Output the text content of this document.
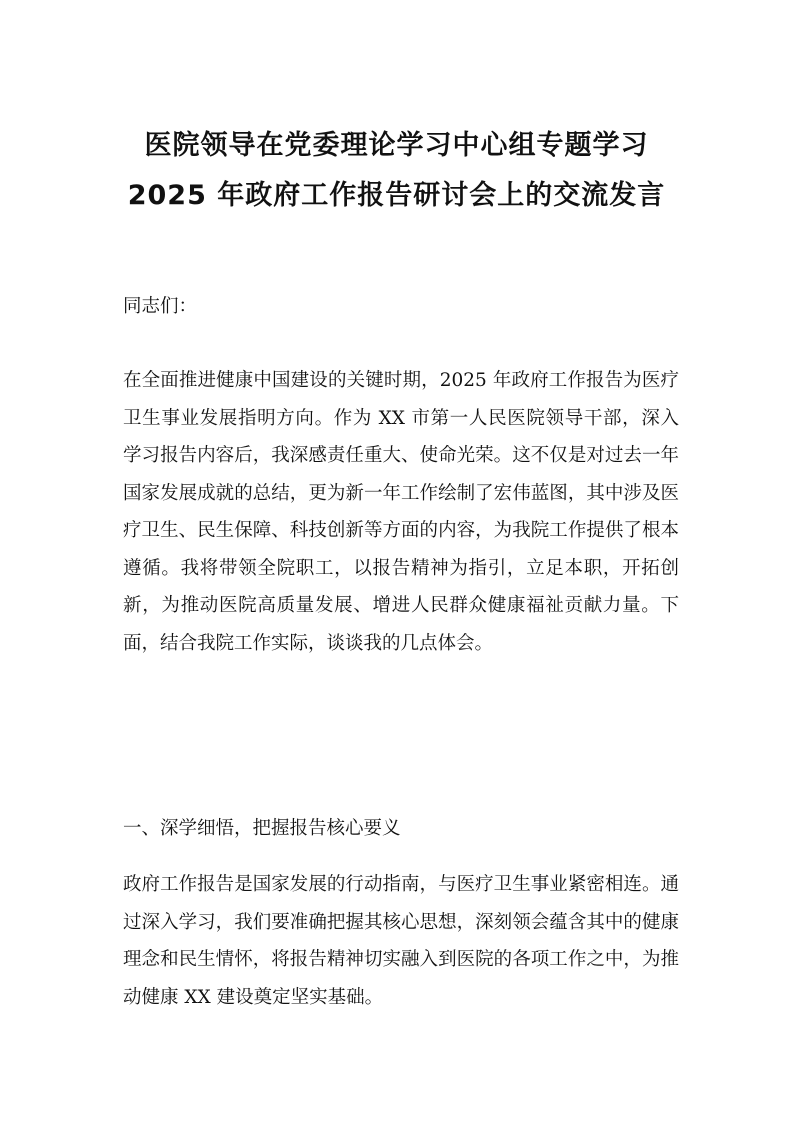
医院领导在党委理论学习中心组专题学习
2025 年政府工作报告研讨会上的交流发言

同志们：

在全面推进健康中国建设的关键时期，2025 年政府工作报告为医疗卫生事业发展指明方向。作为 XX 市第一人民医院领导干部，深入学习报告内容后，我深感责任重大、使命光荣。这不仅是对过去一年国家发展成就的总结，更为新一年工作绘制了宏伟蓝图，其中涉及医疗卫生、民生保障、科技创新等方面的内容，为我院工作提供了根本遵循。我将带领全院职工，以报告精神为指引，立足本职，开拓创新，为推动医院高质量发展、增进人民群众健康福祉贡献力量。下面，结合我院工作实际，谈谈我的几点体会。

一、深学细悟，把握报告核心要义

政府工作报告是国家发展的行动指南，与医疗卫生事业紧密相连。通过深入学习，我们要准确把握其核心思想，深刻领会蕴含其中的健康理念和民生情怀，将报告精神切实融入到医院的各项工作之中，为推动健康 XX 建设奠定坚实基础。
